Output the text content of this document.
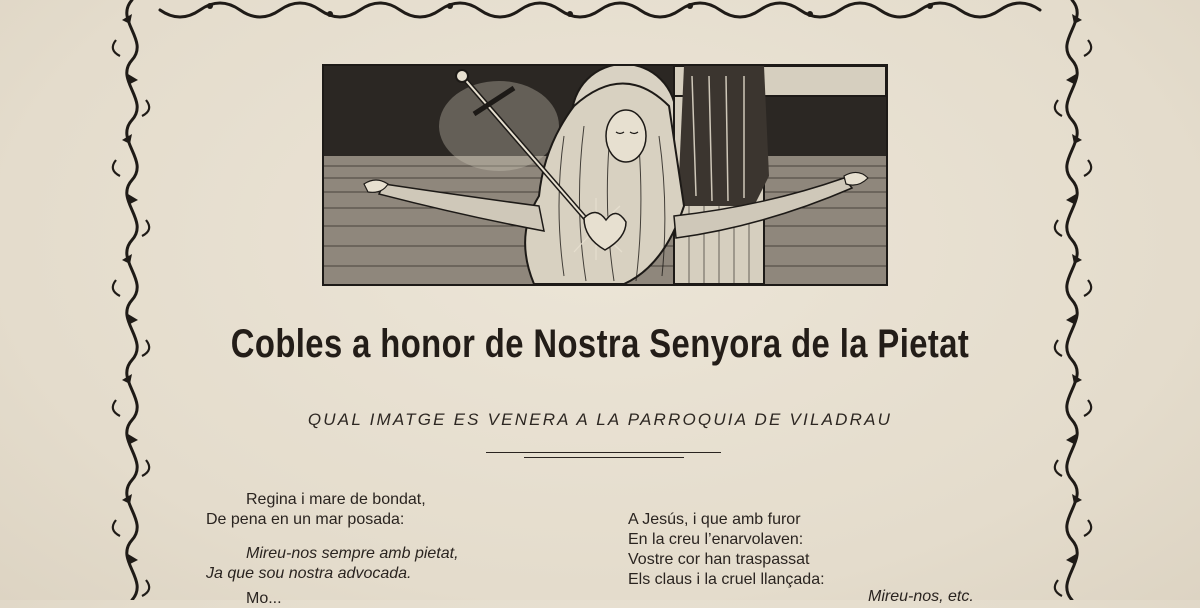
Cobles a honor de Nostra Senyora de la Pietat
QUAL IMATGE ES VENERA A LA PARROQUIA DE VILADRAU
Regina i mare de bondat,
De pena en un mar posada:
Mireu-nos sempre amb pietat,
Ja que sou nostra advocada.
Mo...
A Jesús, i que amb furor
En la creu l’enarvolaven:
Vostre cor han traspassat
Els claus i la cruel llançada:
Mireu-nos, etc.
